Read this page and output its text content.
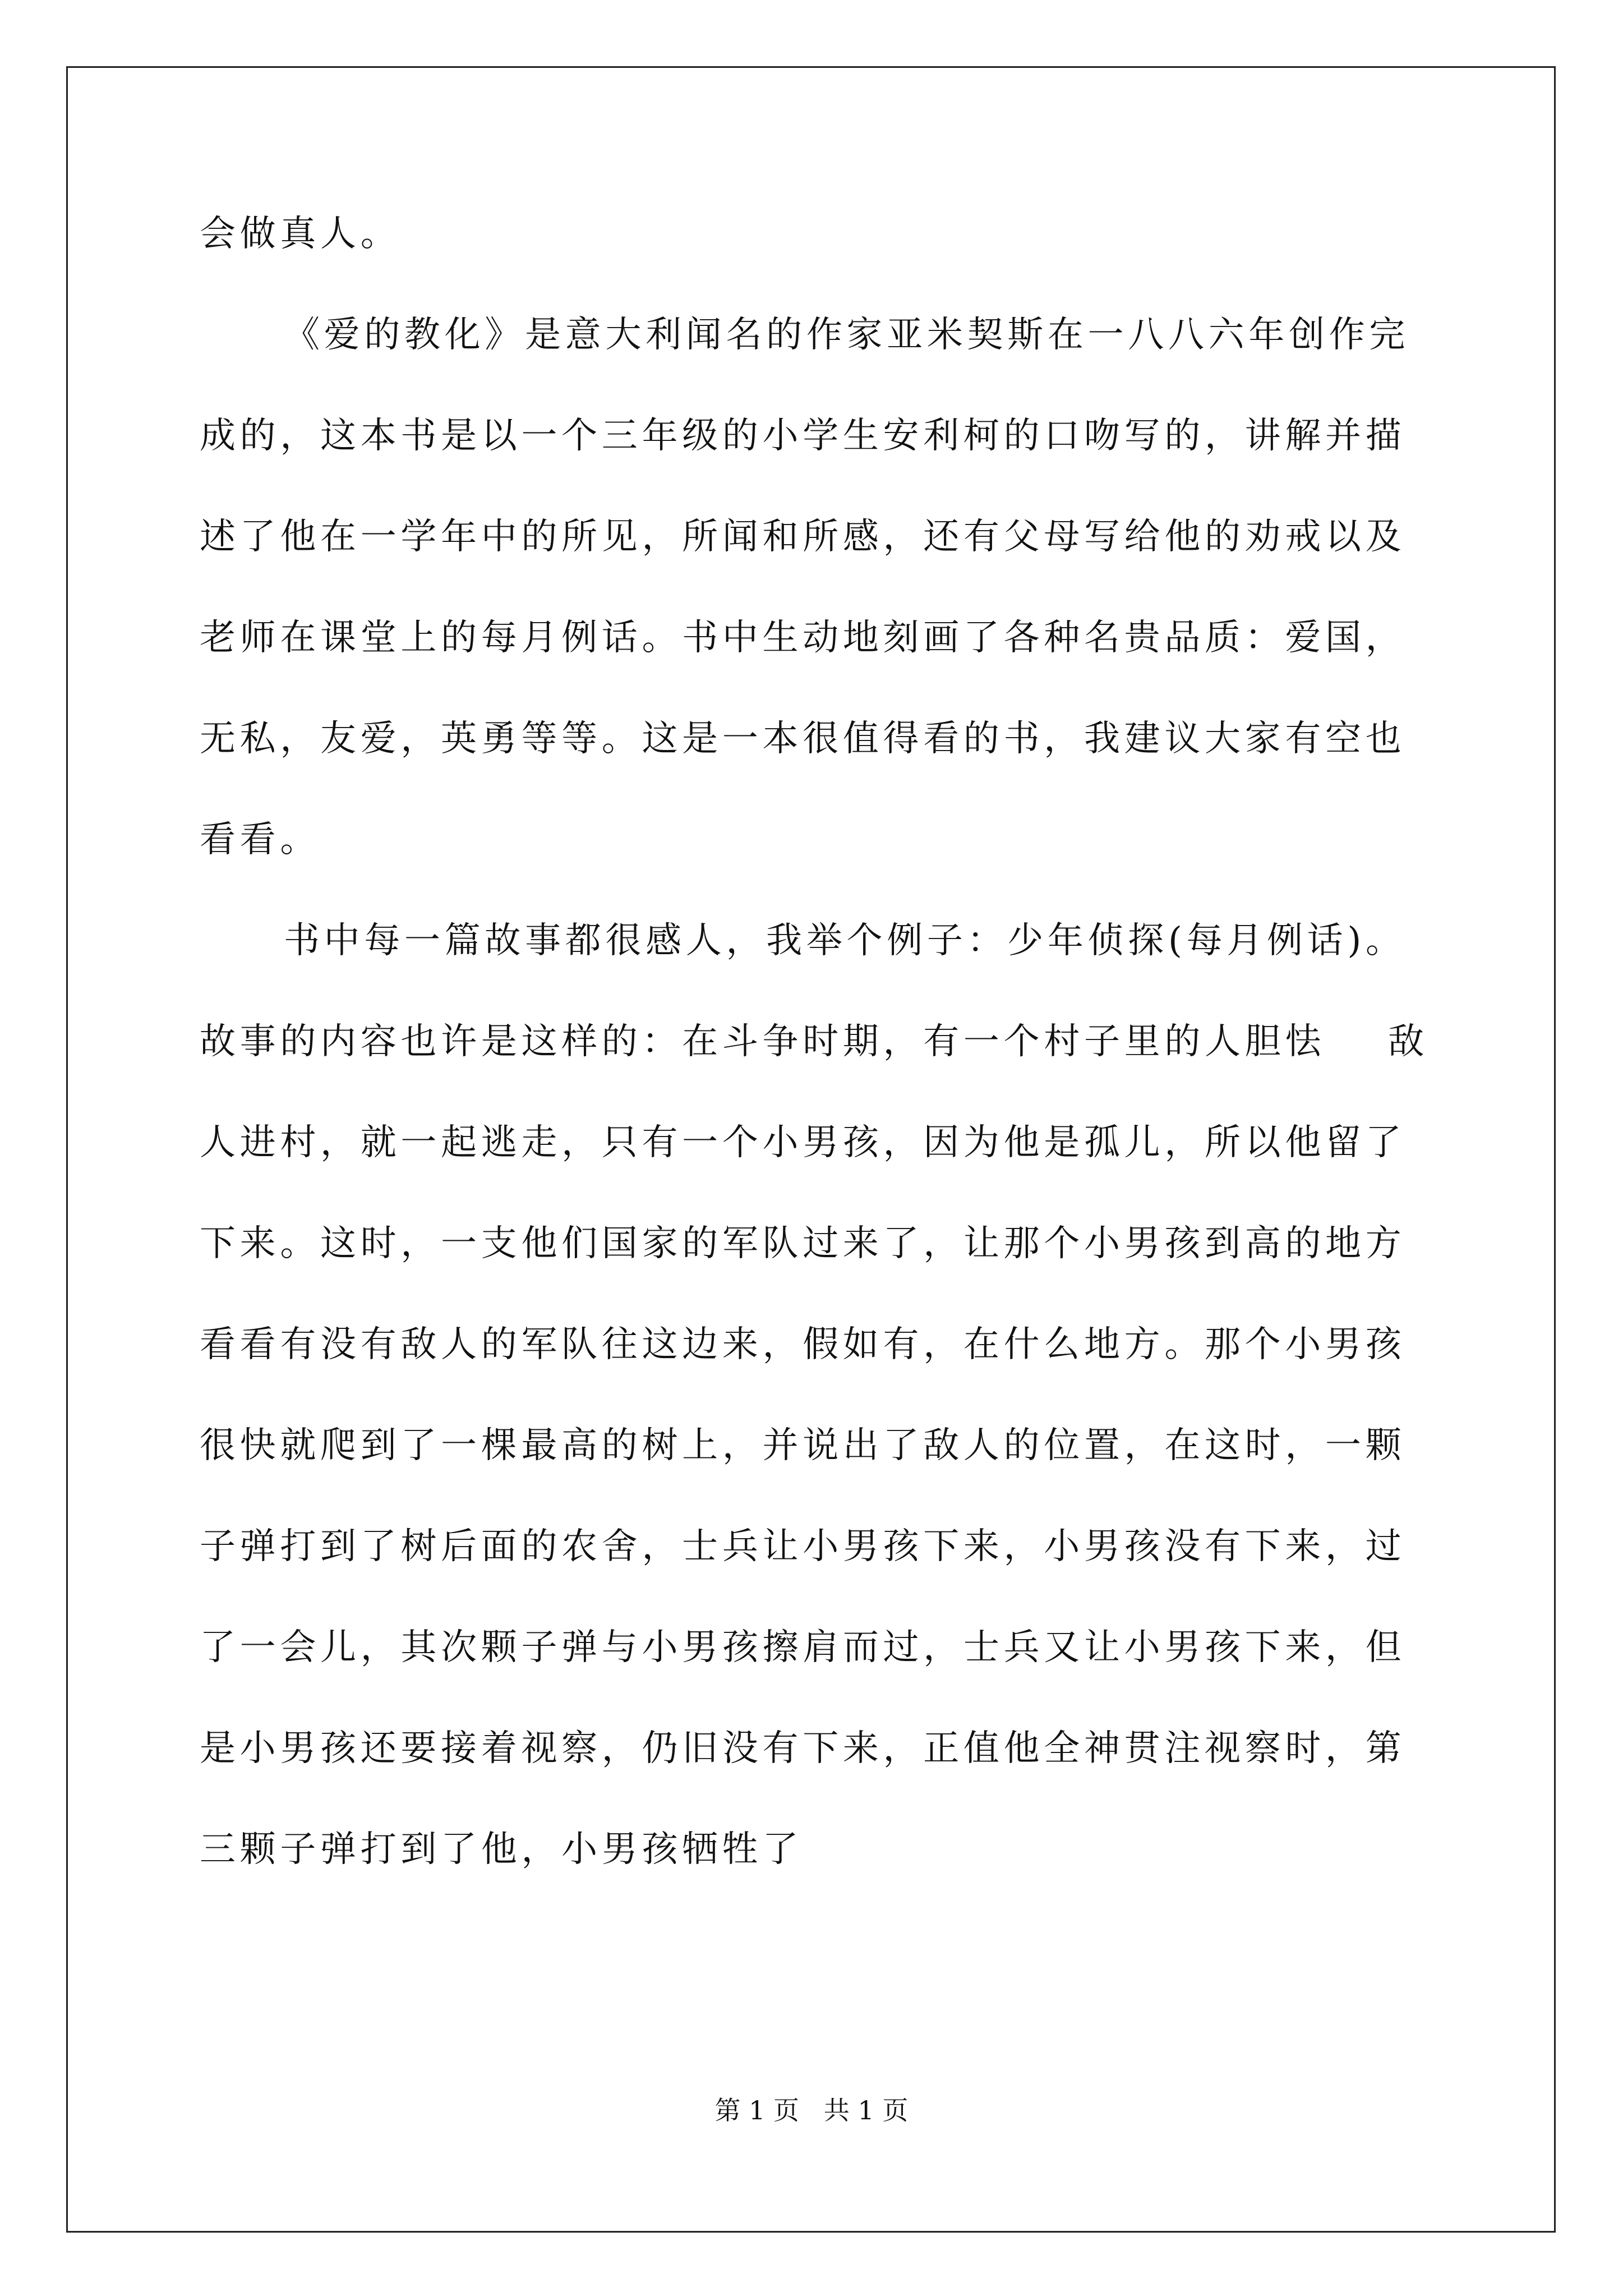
会做真人。
《爱的教化》是意大利闻名的作家亚米契斯在一八八六年创作完
成的，这本书是以一个三年级的小学生安利柯的口吻写的，讲解并描
述了他在一学年中的所见，所闻和所感，还有父母写给他的劝戒以及
老师在课堂上的每月例话。书中生动地刻画了各种名贵品质：爱国，
无私，友爱，英勇等等。这是一本很值得看的书，我建议大家有空也
看看。
书中每一篇故事都很感人，我举个例子：少年侦探(每月例话)。
故事的内容也许是这样的：在斗争时期，有一个村子里的人胆怯    敌
人进村，就一起逃走，只有一个小男孩，因为他是孤儿，所以他留了
下来。这时，一支他们国家的军队过来了，让那个小男孩到高的地方
看看有没有敌人的军队往这边来，假如有，在什么地方。那个小男孩
很快就爬到了一棵最高的树上，并说出了敌人的位置，在这时，一颗
子弹打到了树后面的农舍，士兵让小男孩下来，小男孩没有下来，过
了一会儿，其次颗子弹与小男孩擦肩而过，士兵又让小男孩下来，但
是小男孩还要接着视察，仍旧没有下来，正值他全神贯注视察时，第
三颗子弹打到了他，小男孩牺牲了
第 1 页   共 1 页
